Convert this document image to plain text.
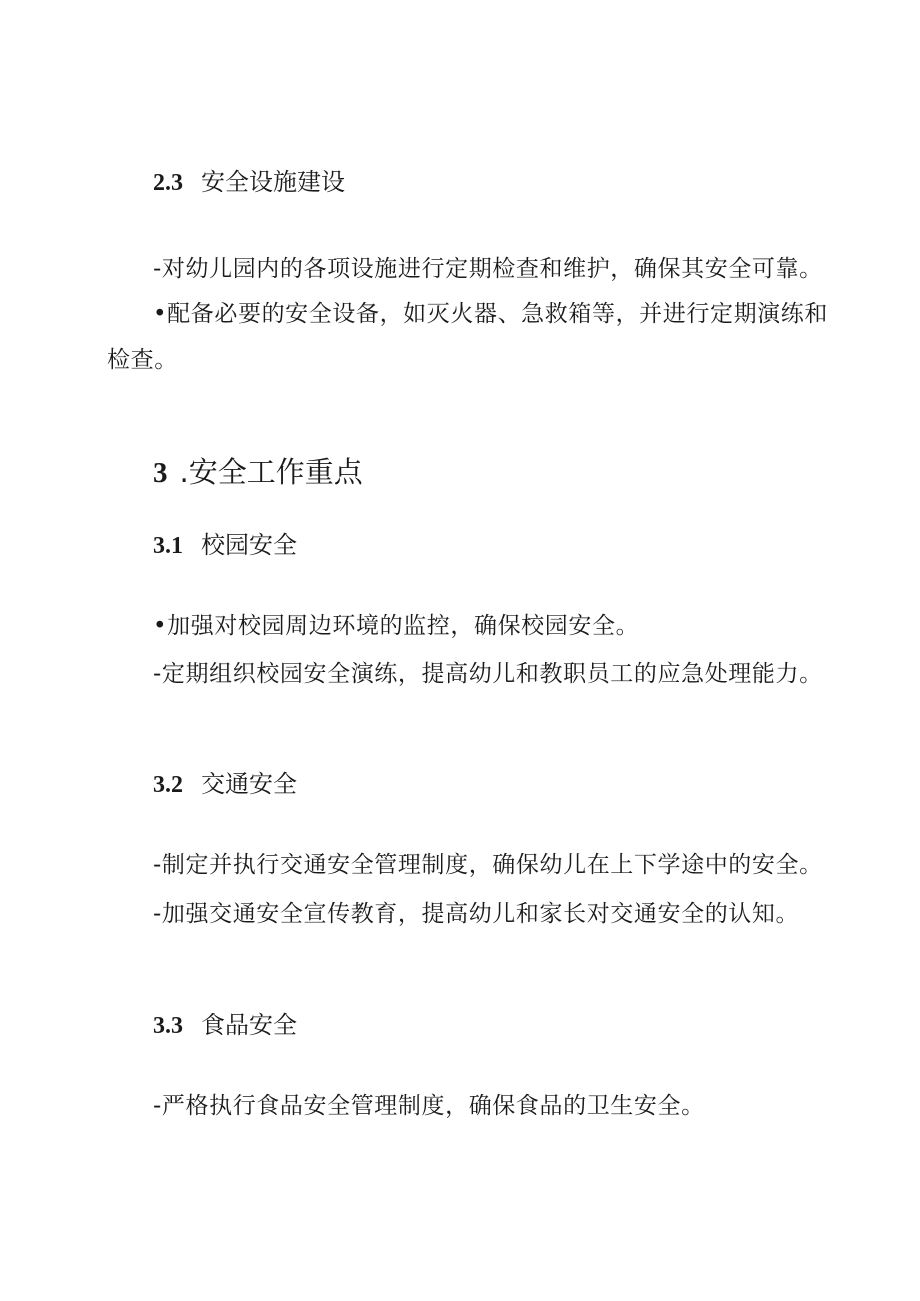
2.3 安全设施建设
-对幼儿园内的各项设施进行定期检查和维护，确保其安全可靠。
•配备必要的安全设备，如灭火器、急救箱等，并进行定期演练和
检查。
3 .安全工作重点
3.1 校园安全
•加强对校园周边环境的监控，确保校园安全。
-定期组织校园安全演练，提高幼儿和教职员工的应急处理能力。
3.2 交通安全
-制定并执行交通安全管理制度，确保幼儿在上下学途中的安全。
-加强交通安全宣传教育，提高幼儿和家长对交通安全的认知。
3.3 食品安全
-严格执行食品安全管理制度，确保食品的卫生安全。
